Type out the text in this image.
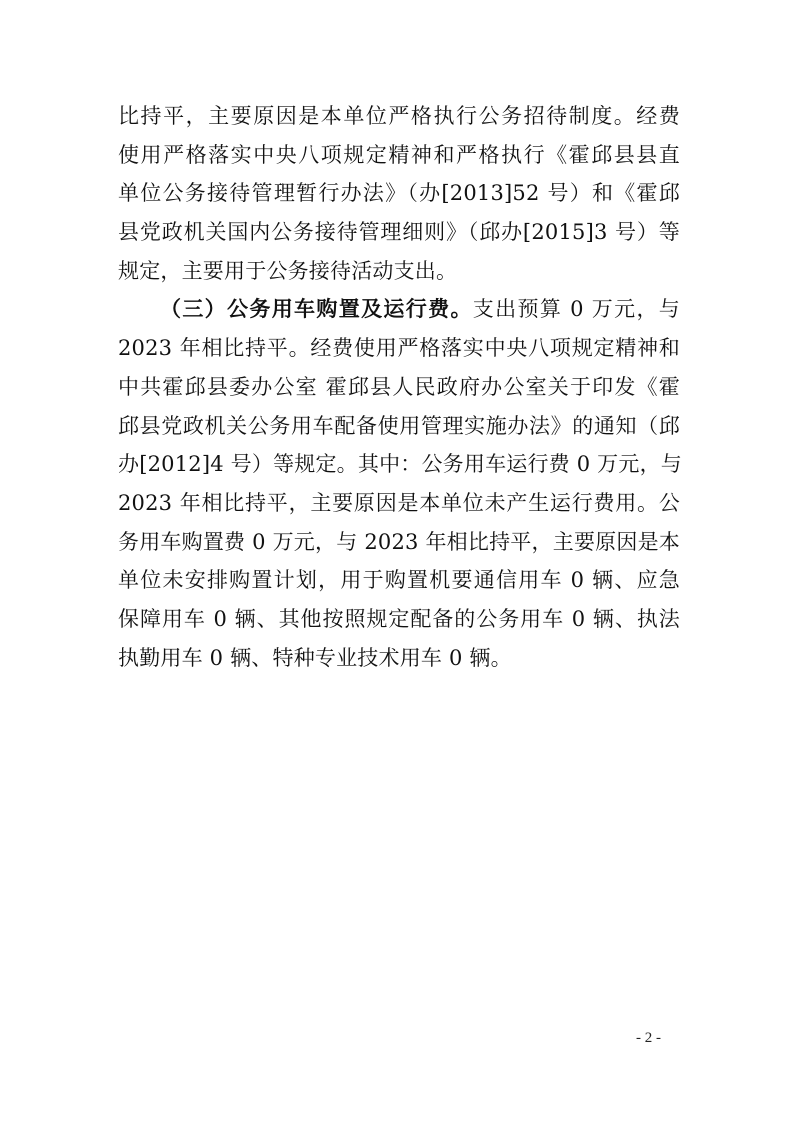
比持平，主要原因是本单位严格执行公务招待制度。经费
使用严格落实中央八项规定精神和严格执行《霍邱县县直
单位公务接待管理暂行办法》（办[2013]52 号）和《霍邱
县党政机关国内公务接待管理细则》（邱办[2015]3 号）等
规定，主要用于公务接待活动支出。
（三）公务用车购置及运行费。支出预算 0 万元，与
2023 年相比持平。经费使用严格落实中央八项规定精神和
中共霍邱县委办公室 霍邱县人民政府办公室关于印发《霍
邱县党政机关公务用车配备使用管理实施办法》的通知（邱
办[2012]4 号）等规定。其中：公务用车运行费 0 万元，与
2023 年相比持平，主要原因是本单位未产生运行费用。公
务用车购置费 0 万元，与 2023 年相比持平，主要原因是本
单位未安排购置计划，用于购置机要通信用车 0 辆、应急
保障用车 0 辆、其他按照规定配备的公务用车 0 辆、执法
执勤用车 0 辆、特种专业技术用车 0 辆。
- 2 -
